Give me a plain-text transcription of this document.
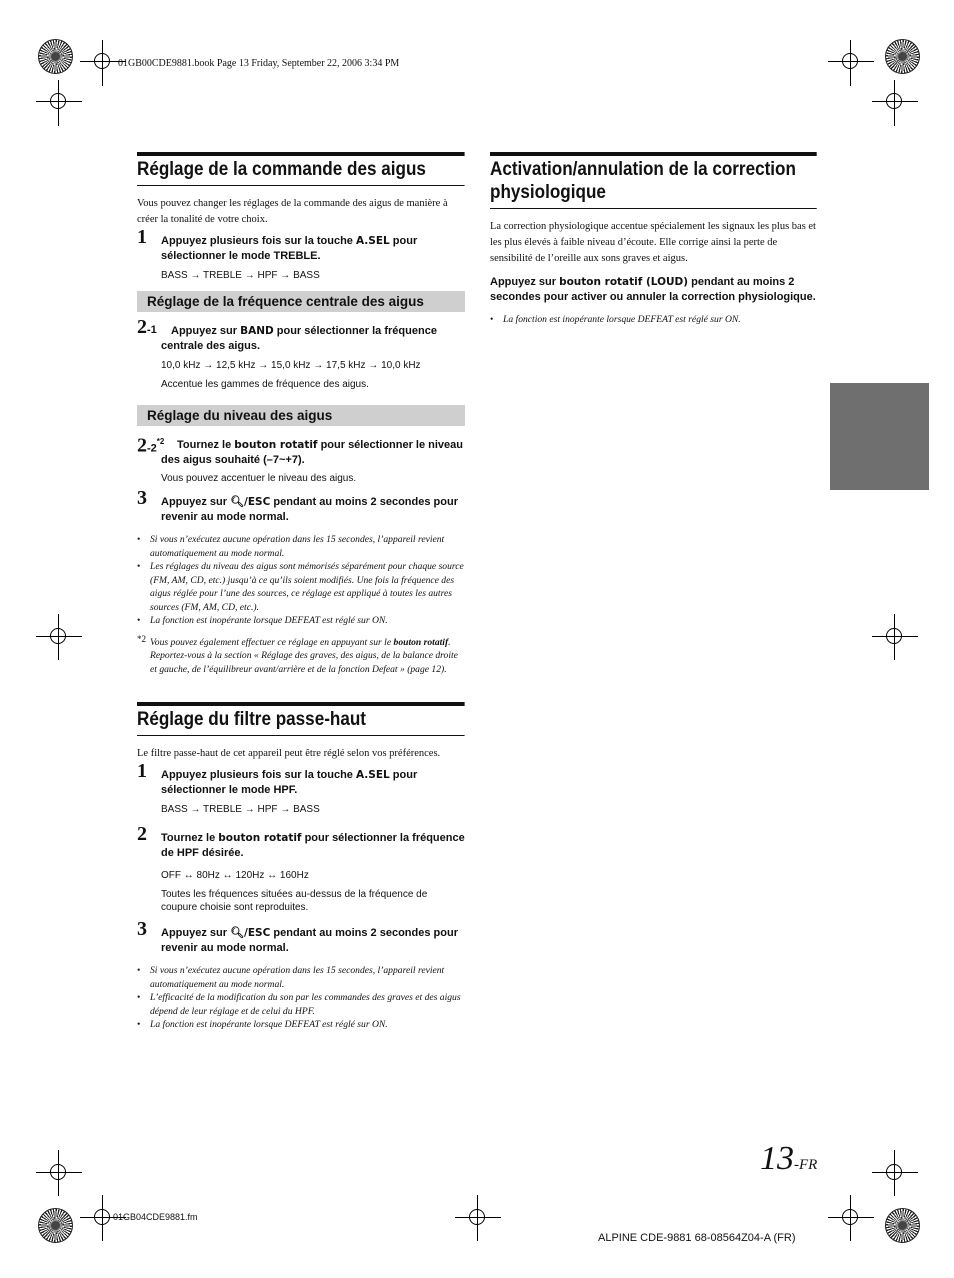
01GB00CDE9881.book Page 13 Friday, September 22, 2006 3:34 PM
01GB04CDE9881.fm
ALPINE CDE-9881 68-08564Z04-A (FR)
13-FR
Réglage de la commande des aigus
Vous pouvez changer les réglages de la commande des aigus de manière à créer la tonalité de votre choix.
1 Appuyez plusieurs fois sur la touche A.SEL pour sélectionner le mode TREBLE.
BASS → TREBLE → HPF → BASS
Réglage de la fréquence centrale des aigus
2-1 Appuyez sur BAND pour sélectionner la fréquence centrale des aigus.
10,0 kHz → 12,5 kHz → 15,0 kHz → 17,5 kHz → 10,0 kHz
Accentue les gammes de fréquence des aigus.
Réglage du niveau des aigus
2-2$^{*2}$ Tournez le bouton rotatif pour sélectionner le niveau des aigus souhaité (–7~+7).
Vous pouvez accentuer le niveau des aigus.
3 Appuyez sur 🔍︎/ESC pendant au moins 2 secondes pour revenir au mode normal.
• Si vous n’exécutez aucune opération dans les 15 secondes, l’appareil revient automatiquement au mode normal.
• Les réglages du niveau des aigus sont mémorisés séparément pour chaque source (FM, AM, CD, etc.) jusqu’à ce qu’ils soient modifiés. Une fois la fréquence des aigus réglée pour l’une des sources, ce réglage est appliqué à toutes les autres sources (FM, AM, CD, etc.).
• La fonction est inopérante lorsque DEFEAT est réglé sur ON.
*2 Vous pouvez également effectuer ce réglage en appuyant sur le bouton rotatif. Reportez-vous à la section « Réglage des graves, des aigus, de la balance droite et gauche, de l’équilibreur avant/arrière et de la fonction Defeat » (page 12).
Réglage du filtre passe-haut
Le filtre passe-haut de cet appareil peut être réglé selon vos préférences.
1 Appuyez plusieurs fois sur la touche A.SEL pour sélectionner le mode HPF.
BASS → TREBLE → HPF → BASS
2 Tournez le bouton rotatif pour sélectionner la fréquence de HPF désirée.
OFF ↔ 80Hz ↔ 120Hz ↔ 160Hz
Toutes les fréquences situées au-dessus de la fréquence de coupure choisie sont reproduites.
3 Appuyez sur 🔍︎/ESC pendant au moins 2 secondes pour revenir au mode normal.
• Si vous n’exécutez aucune opération dans les 15 secondes, l’appareil revient automatiquement au mode normal.
• L’efficacité de la modification du son par les commandes des graves et des aigus dépend de leur réglage et de celui du HPF.
• La fonction est inopérante lorsque DEFEAT est réglé sur ON.
Activation/annulation de la correction physiologique
La correction physiologique accentue spécialement les signaux les plus bas et les plus élevés à faible niveau d’écoute. Elle corrige ainsi la perte de sensibilité de l’oreille aux sons graves et aigus.
Appuyez sur bouton rotatif (LOUD) pendant au moins 2 secondes pour activer ou annuler la correction physiologique.
• La fonction est inopérante lorsque DEFEAT est réglé sur ON.
